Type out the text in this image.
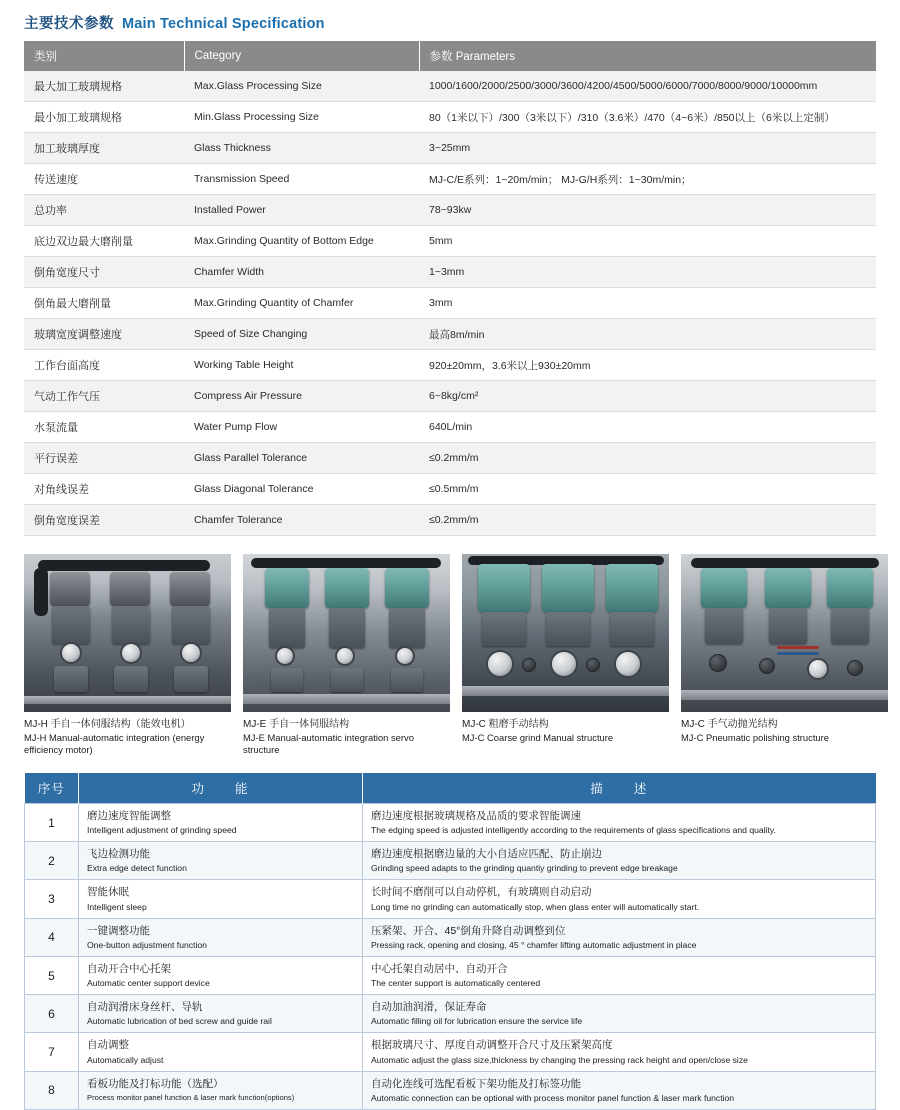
主要技术参数 Main Technical Specification
类别	Category	参数 Parameters
最大加工玻璃规格	Max.Glass Processing Size	1000/1600/2000/2500/3000/3600/4200/4500/5000/6000/7000/8000/9000/10000mm
最小加工玻璃规格	Min.Glass Processing Size	80（1米以下）/300（3米以下）/310（3.6米）/470（4~6米）/850以上（6米以上定制）
加工玻璃厚度	Glass Thickness	3~25mm
传送速度	Transmission Speed	MJ-C/E系列：1~20m/min； MJ-G/H系列：1~30m/min；
总功率	Installed Power	78~93kw
底边双边最大磨削量	Max.Grinding Quantity of Bottom Edge	5mm
倒角宽度尺寸	Chamfer Width	1~3mm
倒角最大磨削量	Max.Grinding Quantity of Chamfer	3mm
玻璃宽度调整速度	Speed of Size Changing	最高8m/min
工作台面高度	Working Table Height	920±20mm，3.6米以上930±20mm
气动工作气压	Compress Air Pressure	6~8kg/cm²
水泵流量	Water Pump Flow	640L/min
平行误差	Glass Parallel Tolerance	≤0.2mm/m
对角线误差	Glass Diagonal Tolerance	≤0.5mm/m
倒角宽度误差	Chamfer Tolerance	≤0.2mm/m
MJ-H 手自一体伺服结构（能效电机）
MJ-H Manual-automatic integration (energy efficiency motor)
MJ-E 手自一体伺服结构
MJ-E Manual-automatic integration servo structure
MJ-C 粗磨手动结构
MJ-C Coarse grind Manual structure
MJ-C 手气动抛光结构
MJ-C Pneumatic polishing structure
序号	功　　能	描　　述
1	磨边速度智能调整
Intelligent adjustment of grinding speed	磨边速度根据玻璃规格及品质的要求智能调速
The edging speed is adjusted intelligently according to the requirements of glass specifications and quality.

2	飞边检测功能
Extra edge detect function	磨边速度根据磨边量的大小自适应匹配、防止崩边
Grinding speed adapts to the grinding quantiy grinding to prevent edge breakage

3	智能休眠
Intelligent sleep	长时间不磨削可以自动停机，有玻璃则自动启动
Long time no grinding can automatically stop, when glass enter will automatically start.

4	一键调整功能
One-button adjustment function	压紧架、开合、45°倒角升降自动调整到位
Pressing rack, opening and closing, 45 ° chamfer lifting automatic adjustment in place

5	自动开合中心托架
Automatic center support device	中心托架自动居中、自动开合
The center support is automatically centered

6	自动润滑床身丝杆、导轨
Automatic lubrication of bed screw and guide rail	自动加油润滑，保证寿命
Automatic filling oil for lubrication ensure the service life

7	自动调整
Automatically adjust	根据玻璃尺寸、厚度自动调整开合尺寸及压紧架高度
Automatic adjust the glass size,thickness by changing the pressing rack height and open/close size

8	看板功能及打标功能（选配）
Process monitor panel function & laser mark function(options)	自动化连线可选配看板下架功能及打标签功能
Automatic connection can be optional with process monitor panel function & laser mark function
